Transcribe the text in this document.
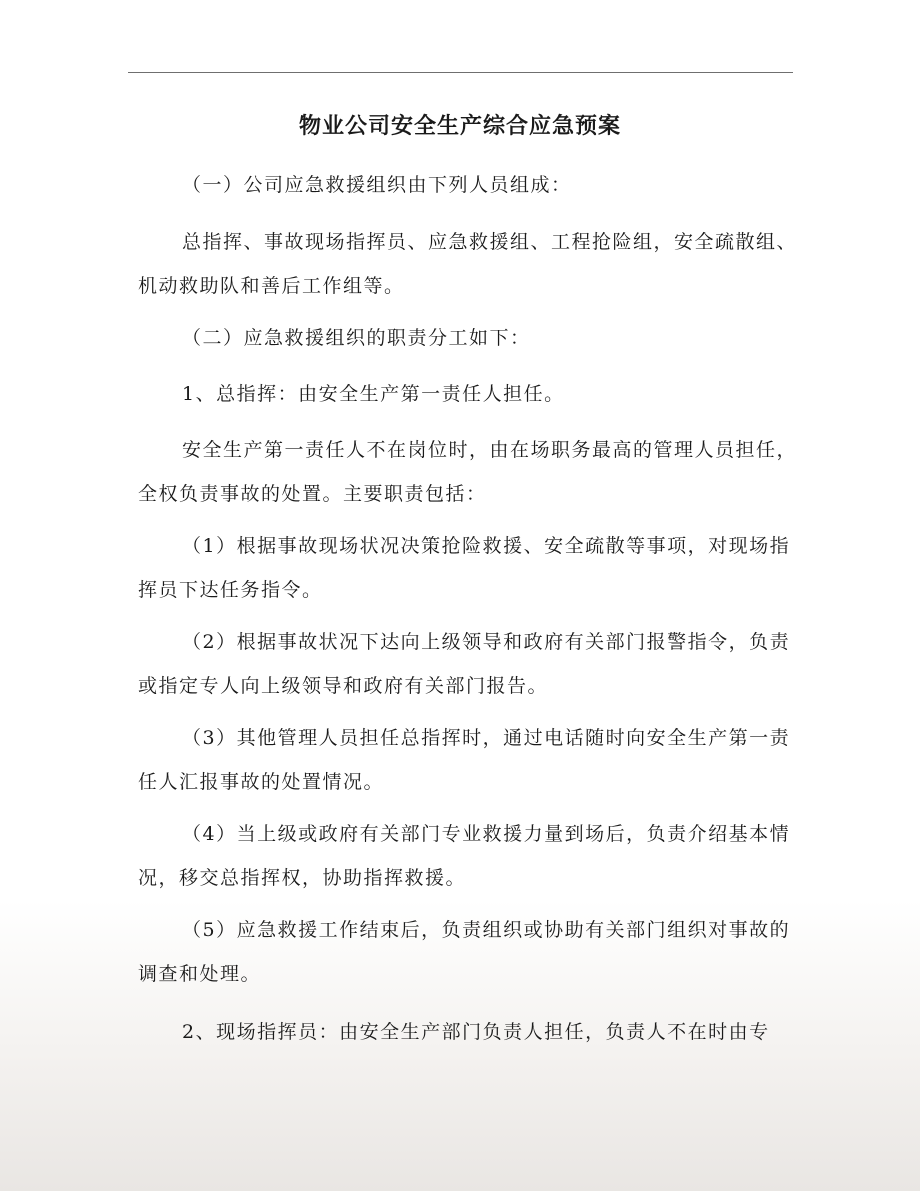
物业公司安全生产综合应急预案

（一）公司应急救援组织由下列人员组成：

总指挥、事故现场指挥员、应急救援组、工程抢险组，安全疏散组、机动救助队和善后工作组等。

（二）应急救援组织的职责分工如下：

1、总指挥：由安全生产第一责任人担任。

安全生产第一责任人不在岗位时，由在场职务最高的管理人员担任，全权负责事故的处置。主要职责包括：

（1）根据事故现场状况决策抢险救援、安全疏散等事项，对现场指挥员下达任务指令。

（2）根据事故状况下达向上级领导和政府有关部门报警指令，负责或指定专人向上级领导和政府有关部门报告。

（3）其他管理人员担任总指挥时，通过电话随时向安全生产第一责任人汇报事故的处置情况。

（4）当上级或政府有关部门专业救援力量到场后，负责介绍基本情况，移交总指挥权，协助指挥救援。

（5）应急救援工作结束后，负责组织或协助有关部门组织对事故的调查和处理。

2、现场指挥员：由安全生产部门负责人担任，负责人不在时由专
